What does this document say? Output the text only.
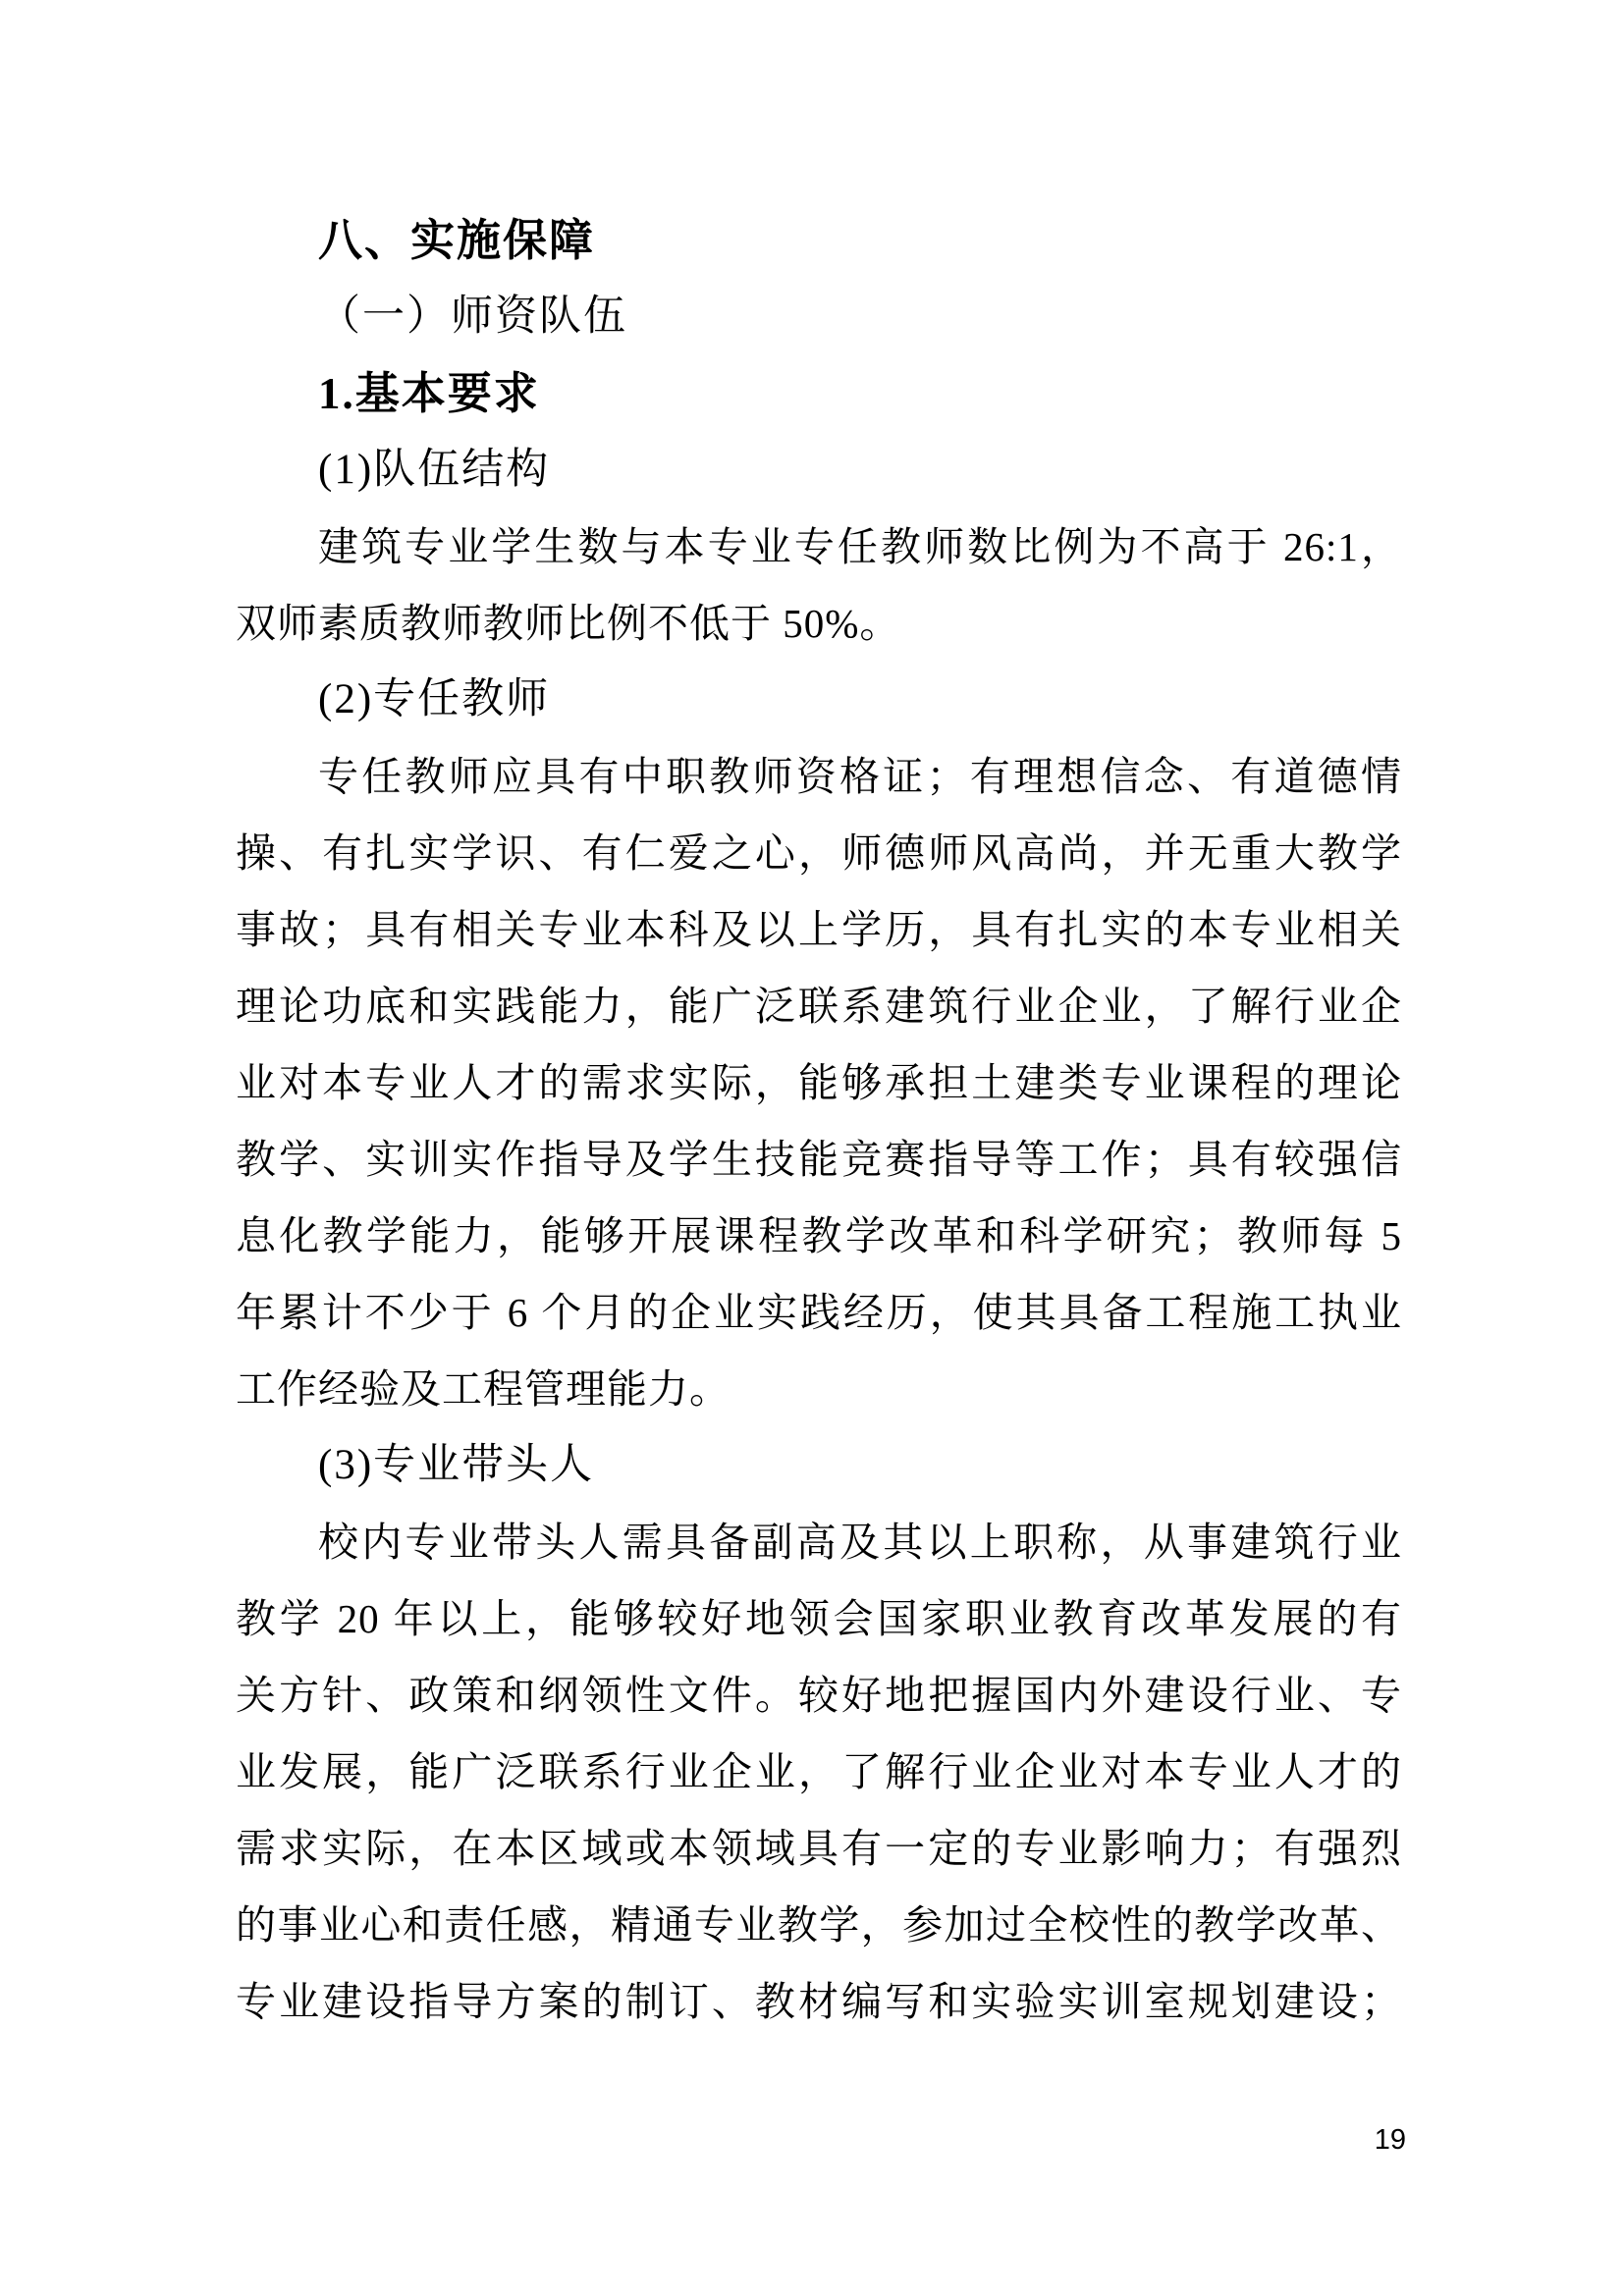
八、实施保障
（一）师资队伍
1.基本要求
(1)队伍结构
建筑专业学生数与本专业专任教师数比例为不高于 26:1，
双师素质教师教师比例不低于 50%。
(2)专任教师
专任教师应具有中职教师资格证；有理想信念、有道德情
操、有扎实学识、有仁爱之心，师德师风高尚，并无重大教学
事故；具有相关专业本科及以上学历，具有扎实的本专业相关
理论功底和实践能力，能广泛联系建筑行业企业，了解行业企
业对本专业人才的需求实际，能够承担土建类专业课程的理论
教学、实训实作指导及学生技能竞赛指导等工作；具有较强信
息化教学能力，能够开展课程教学改革和科学研究；教师每 5
年累计不少于 6 个月的企业实践经历，使其具备工程施工执业
工作经验及工程管理能力。
(3)专业带头人
校内专业带头人需具备副高及其以上职称，从事建筑行业
教学 20 年以上，能够较好地领会国家职业教育改革发展的有
关方针、政策和纲领性文件。较好地把握国内外建设行业、专
业发展，能广泛联系行业企业，了解行业企业对本专业人才的
需求实际，在本区域或本领域具有一定的专业影响力；有强烈
的事业心和责任感，精通专业教学，参加过全校性的教学改革、
专业建设指导方案的制订、教材编写和实验实训室规划建设；
19
